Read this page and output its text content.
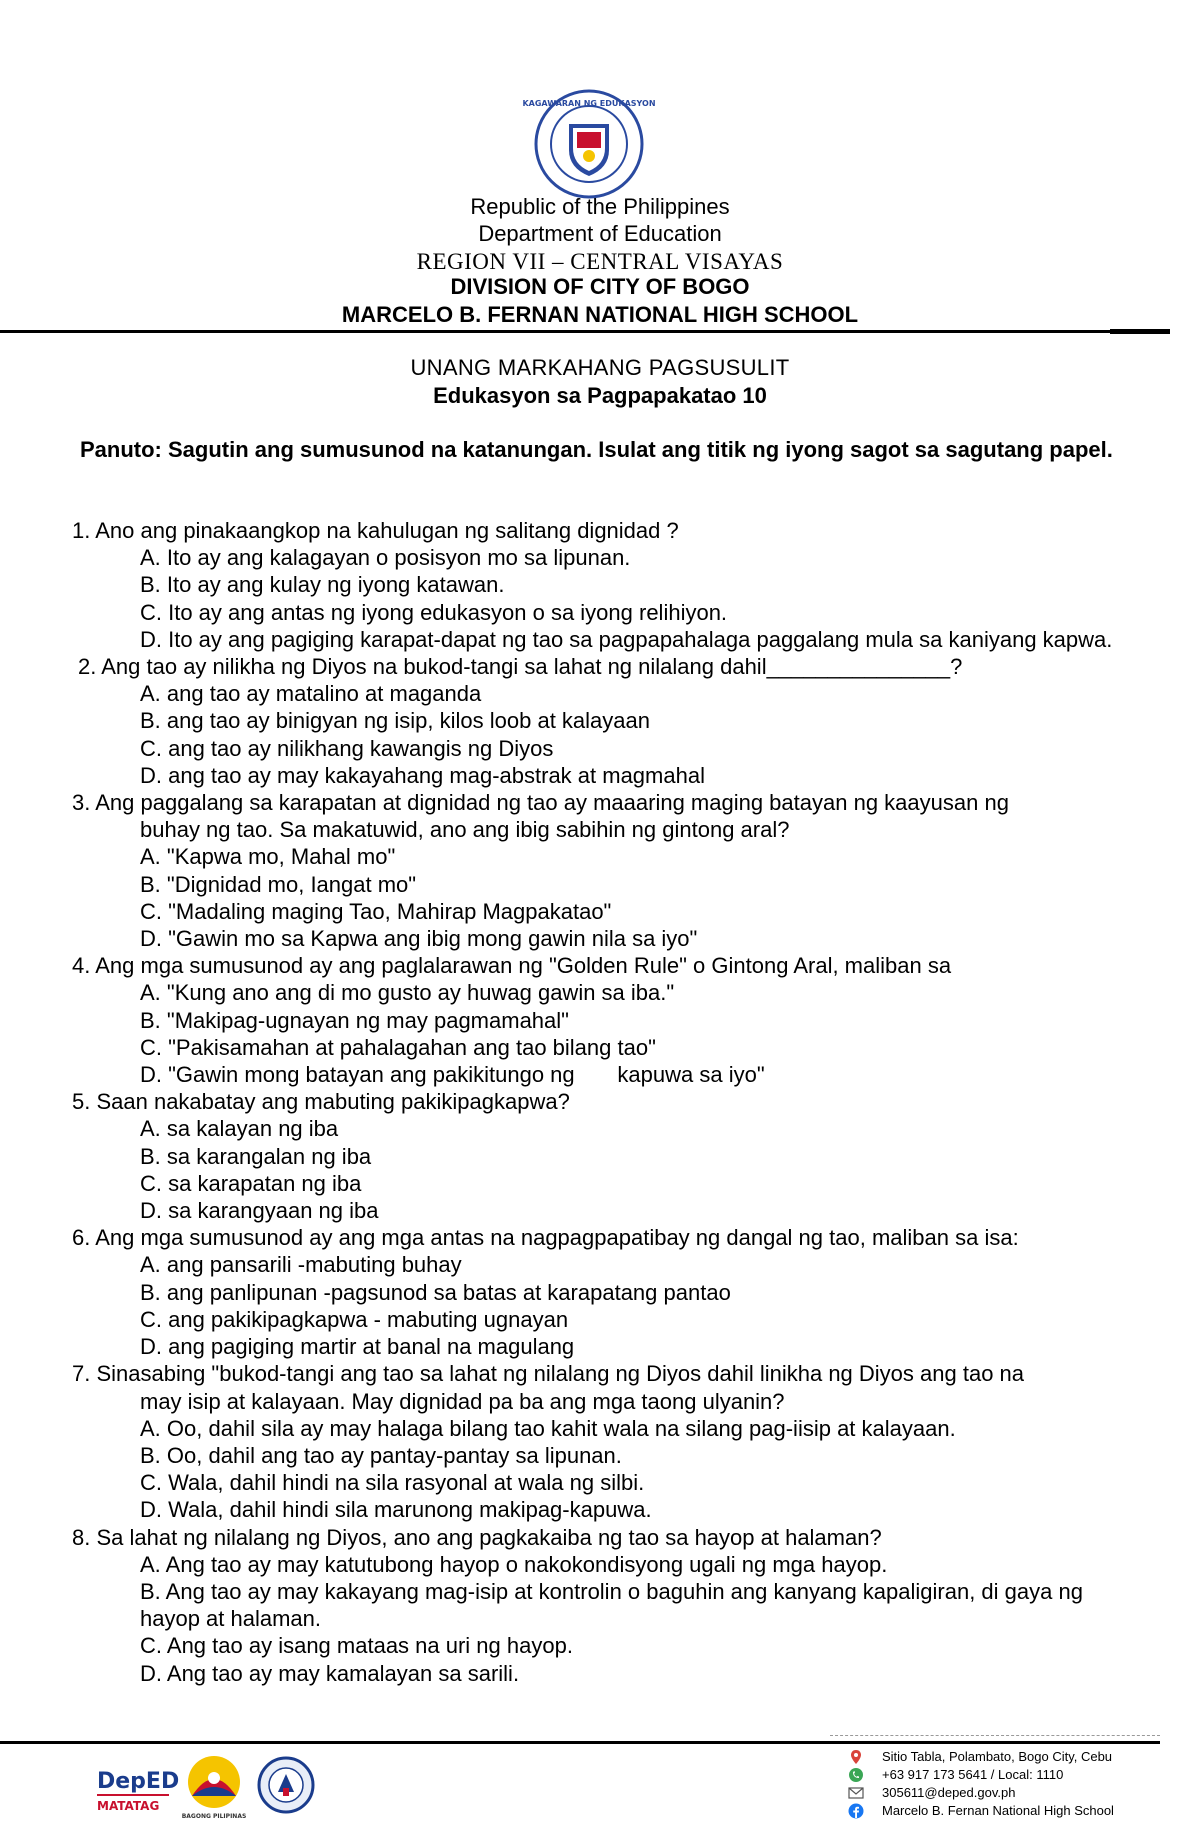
KAGAWARAN NG EDUKASYON
Republic of the Philippines
Department of Education
REGION VII – CENTRAL VISAYAS
DIVISION OF CITY OF BOGO
MARCELO B. FERNAN NATIONAL HIGH SCHOOL
UNANG MARKAHANG PAGSUSULIT
Edukasyon sa Pagpapakatao 10
Panuto: Sagutin ang sumusunod na katanungan. Isulat ang titik ng iyong sagot sa sagutang papel.
1. Ano ang pinakaangkop na kahulugan ng salitang dignidad ?
A. Ito ay ang kalagayan o posisyon mo sa lipunan.
B. Ito ay ang kulay ng iyong katawan.
C. Ito ay ang antas ng iyong edukasyon o sa iyong relihiyon.
D. Ito ay ang pagiging karapat-dapat ng tao sa pagpapahalaga paggalang mula sa kaniyang kapwa.
2. Ang tao ay nilikha ng Diyos na bukod-tangi sa lahat ng nilalang dahil_______________?
A. ang tao ay matalino at maganda
B. ang tao ay binigyan ng isip, kilos loob at kalayaan
C. ang tao ay nilikhang kawangis ng Diyos
D. ang tao ay may kakayahang mag-abstrak at magmahal
3. Ang paggalang sa karapatan at dignidad ng tao ay maaaring maging batayan ng kaayusan ng
buhay ng tao. Sa makatuwid, ano ang ibig sabihin ng gintong aral?
A. "Kapwa mo, Mahal mo"
B. "Dignidad mo, Iangat mo"
C. "Madaling maging Tao, Mahirap Magpakatao"
D. "Gawin mo sa Kapwa ang ibig mong gawin nila sa iyo"
4. Ang mga sumusunod ay ang paglalarawan ng "Golden Rule" o Gintong Aral, maliban sa
A. "Kung ano ang di mo gusto ay huwag gawin sa iba."
B. "Makipag-ugnayan ng may pagmamahal"
C. "Pakisamahan at pahalagahan ang tao bilang tao"
D. "Gawin mong batayan ang pakikitungo ng       kapuwa sa iyo"
5. Saan nakabatay ang mabuting pakikipagkapwa?
A. sa kalayan ng iba
B. sa karangalan ng iba
C. sa karapatan ng iba
D. sa karangyaan ng iba
6. Ang mga sumusunod ay ang mga antas na nagpagpapatibay ng dangal ng tao, maliban sa isa:
A. ang pansarili -mabuting buhay
B. ang panlipunan -pagsunod sa batas at karapatang pantao
C. ang pakikipagkapwa - mabuting ugnayan
D. ang pagiging martir at banal na magulang
7. Sinasabing "bukod-tangi ang tao sa lahat ng nilalang ng Diyos dahil linikha ng Diyos ang tao na
may isip at kalayaan. May dignidad pa ba ang mga taong ulyanin?
A. Oo, dahil sila ay may halaga bilang tao kahit wala na silang pag-iisip at kalayaan.
B. Oo, dahil ang tao ay pantay-pantay sa lipunan.
C. Wala, dahil hindi na sila rasyonal at wala ng silbi.
D. Wala, dahil hindi sila marunong makipag-kapuwa.
8. Sa lahat ng nilalang ng Diyos, ano ang pagkakaiba ng tao sa hayop at halaman?
A. Ang tao ay may katutubong hayop o nakokondisyong ugali ng mga hayop.
B. Ang tao ay may kakayang mag-isip at kontrolin o baguhin ang kanyang kapaligiran, di gaya ng hayop at halaman.
C. Ang tao ay isang mataas na uri ng hayop.
D. Ang tao ay may kamalayan sa sarili.
DepED
MATATAG
BAGONG PILIPINAS
Sitio Tabla, Polambato, Bogo City, Cebu
+63 917 173 5641 / Local: 1110
305611@deped.gov.ph
Marcelo B. Fernan National High School
